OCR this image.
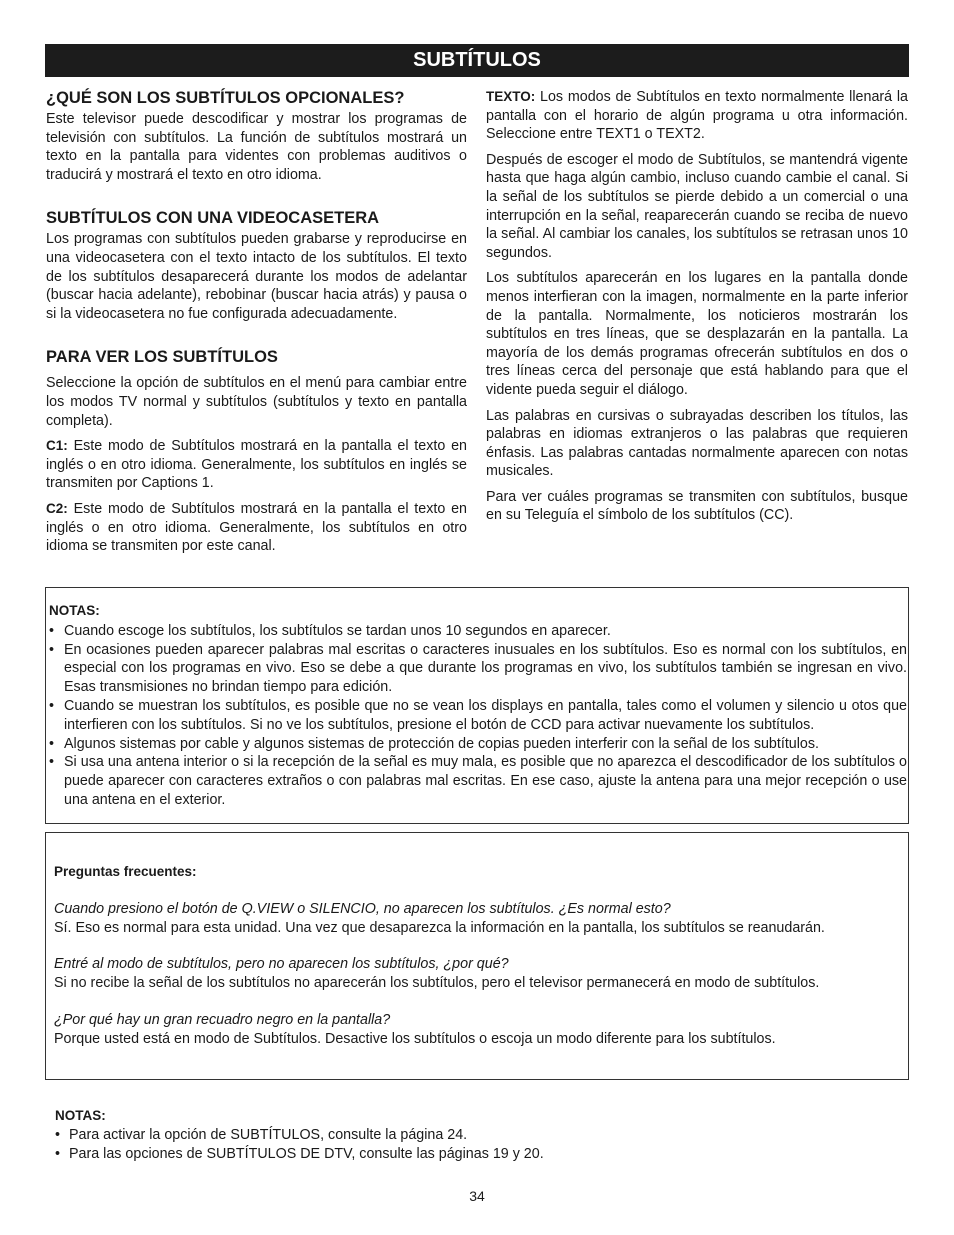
SUBTÍTULOS
¿QUÉ SON LOS SUBTÍTULOS OPCIONALES?

Este televisor puede descodificar y mostrar los programas de televisión con subtítulos. La función de subtítulos mostrará un texto en la pantalla para videntes con problemas auditivos o traducirá y mostrará el texto en otro idioma.

SUBTÍTULOS CON UNA VIDEOCASETERA

Los programas con subtítulos pueden grabarse y reproducirse en una videocasetera con el texto intacto de los subtítulos. El texto de los subtítulos desaparecerá durante los modos de adelantar (buscar hacia adelante), rebobinar (buscar hacia atrás) y pausa o si la videocasetera no fue configurada adecuadamente.

PARA VER LOS SUBTÍTULOS

Seleccione la opción de subtítulos en el menú para cambiar entre los modos TV normal y subtítulos (subtítulos y texto en pantalla completa).

C1: Este modo de Subtítulos mostrará en la pantalla el texto en inglés o en otro idioma. Generalmente, los subtítulos en inglés se transmiten por Captions 1.

C2: Este modo de Subtítulos mostrará en la pantalla el texto en inglés o en otro idioma. Generalmente, los subtítulos en otro idioma se transmiten por este canal.

TEXTO: Los modos de Subtítulos en texto normalmente llenará la pantalla con el horario de algún programa u otra información. Seleccione entre TEXT1 o TEXT2.

Después de escoger el modo de Subtítulos, se mantendrá vigente hasta que haga algún cambio, incluso cuando cambie el canal. Si la señal de los subtítulos se pierde debido a un comercial o una interrupción en la señal, reaparecerán cuando se reciba de nuevo la señal. Al cambiar los canales, los subtítulos se retrasan unos 10 segundos.

Los subtítulos aparecerán en los lugares en la pantalla donde menos interfieran con la imagen, normalmente en la parte inferior de la pantalla. Normalmente, los noticieros mostrarán los subtítulos en tres líneas, que se desplazarán en la pantalla. La mayoría de los demás programas ofrecerán subtítulos en dos o tres líneas cerca del personaje que está hablando para que el vidente pueda seguir el diálogo.

Las palabras en cursivas o subrayadas describen los títulos, las palabras en idiomas extranjeros o las palabras que requieren énfasis. Las palabras cantadas normalmente aparecen con notas musicales.

Para ver cuáles programas se transmiten con subtítulos, busque en su Teleguía el símbolo de los subtítulos (CC).

NOTAS:
• Cuando escoge los subtítulos, los subtítulos se tardan unos 10 segundos en aparecer.
• En ocasiones pueden aparecer palabras mal escritas o caracteres inusuales en los subtítulos. Eso es normal con los subtítulos, en especial con los programas en vivo. Eso se debe a que durante los programas en vivo, los subtítulos también se ingresan en vivo. Esas transmisiones no brindan tiempo para edición.
• Cuando se muestran los subtítulos, es posible que no se vean los displays en pantalla, tales como el volumen y silencio u otos que interfieren con los subtítulos. Si no ve los subtítulos, presione el botón de CCD para activar nuevamente los subtítulos.
• Algunos sistemas por cable y algunos sistemas de protección de copias pueden interferir con la señal de los subtítulos.
• Si usa una antena interior o si la recepción de la señal es muy mala, es posible que no aparezca el descodificador de los subtítulos o puede aparecer con caracteres extraños o con palabras mal escritas. En ese caso, ajuste la antena para una mejor recepción o use una antena en el exterior.
Preguntas frecuentes:

Cuando presiono el botón de Q.VIEW o SILENCIO, no aparecen los subtítulos. ¿Es normal esto?

Sí. Eso es normal para esta unidad. Una vez que desaparezca la información en la pantalla, los subtítulos se reanudarán.

Entré al modo de subtítulos, pero no aparecen los subtítulos, ¿por qué?

Si no recibe la señal de los subtítulos no aparecerán los subtítulos, pero el televisor permanecerá en modo de subtítulos.

¿Por qué hay un gran recuadro negro en la pantalla?

Porque usted está en modo de Subtítulos. Desactive los subtítulos o escoja un modo diferente para los subtítulos.

NOTAS:
• Para activar la opción de SUBTÍTULOS, consulte la página 24.
• Para las opciones de SUBTÍTULOS DE DTV, consulte las páginas 19 y 20.
34
